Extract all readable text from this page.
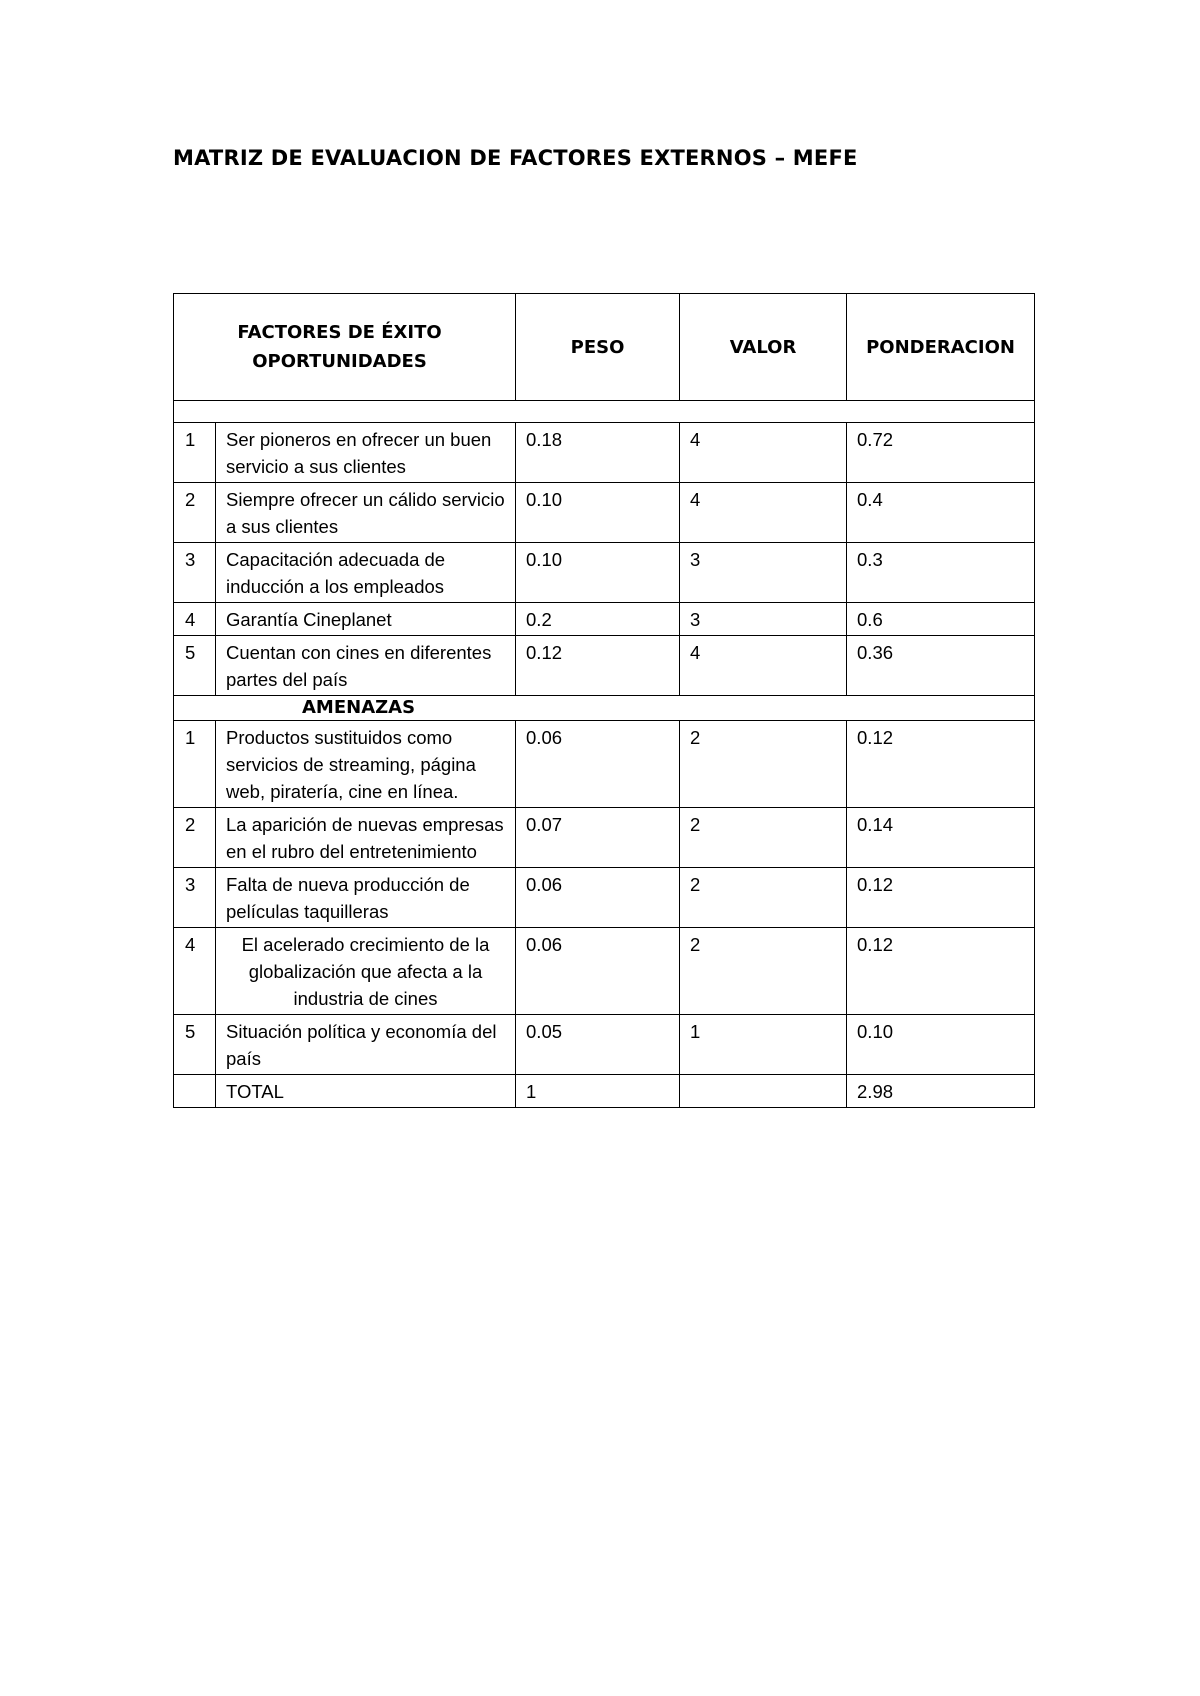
MATRIZ DE EVALUACION DE FACTORES EXTERNOS – MEFE
FACTORES DE ÉXITO
OPORTUNIDADES		PESO	VALOR	PONDERACION

1	Ser pioneros en ofrecer un buen servicio a sus clientes	0.18	4	0.72
2	Siempre ofrecer un cálido servicio a sus clientes	0.10	4	0.4
3	Capacitación adecuada de inducción a los empleados	0.10	3	0.3
4	Garantía Cineplanet	0.2	3	0.6
5	Cuentan con cines en diferentes partes del país	0.12	4	0.36
AMENAZAS				
1	Productos sustituidos como servicios de streaming, página web, piratería, cine en línea.	0.06	2	0.12
2	La aparición de nuevas empresas en el rubro del entretenimiento	0.07	2	0.14
3	Falta de nueva producción de películas taquilleras	0.06	2	0.12
4	El acelerado crecimiento de la globalización que afecta a la industria de cines	0.06	2	0.12
5	Situación política y economía del país	0.05	1	0.10
	TOTAL	1		2.98
